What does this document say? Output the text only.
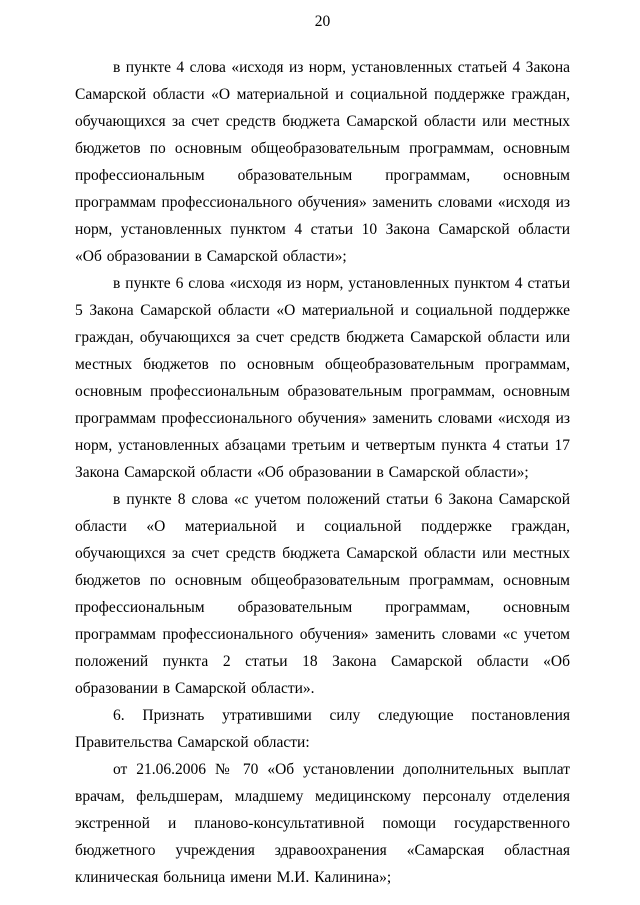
20

в пункте 4 слова «исходя из норм, установленных статьей 4 Закона Самарской области «О материальной и социальной поддержке граждан, обучающихся за счет средств бюджета Самарской области или местных бюджетов по основным общеобразовательным программам, основным профессиональным образовательным программам, основным программам профессионального обучения» заменить словами «исходя из норм, установленных пунктом 4 статьи 10 Закона Самарской области «Об образовании в Самарской области»;

в пункте 6 слова «исходя из норм, установленных пунктом 4 статьи 5 Закона Самарской области «О материальной и социальной поддержке граждан, обучающихся за счет средств бюджета Самарской области или местных бюджетов по основным общеобразовательным программам, основным профессиональным образовательным программам, основным программам профессионального обучения» заменить словами «исходя из норм, установленных абзацами третьим и четвертым пункта 4 статьи 17 Закона Самарской области «Об образовании в Самарской области»;

в пункте 8 слова «с учетом положений статьи 6 Закона Самарской области «О материальной и социальной поддержке граждан, обучающихся за счет средств бюджета Самарской области или местных бюджетов по основным общеобразовательным программам, основным профессиональным образовательным программам, основным программам профессионального обучения» заменить словами «с учетом положений пункта 2 статьи 18 Закона Самарской области «Об образовании в Самарской области».

6. Признать утратившими силу следующие постановления Правительства Самарской области:

от 21.06.2006 № 70 «Об установлении дополнительных выплат врачам, фельдшерам, младшему медицинскому персоналу отделения экстренной и планово-консультативной помощи государственного бюджетного учреждения здравоохранения «Самарская областная клиническая больница имени М.И. Калинина»;
